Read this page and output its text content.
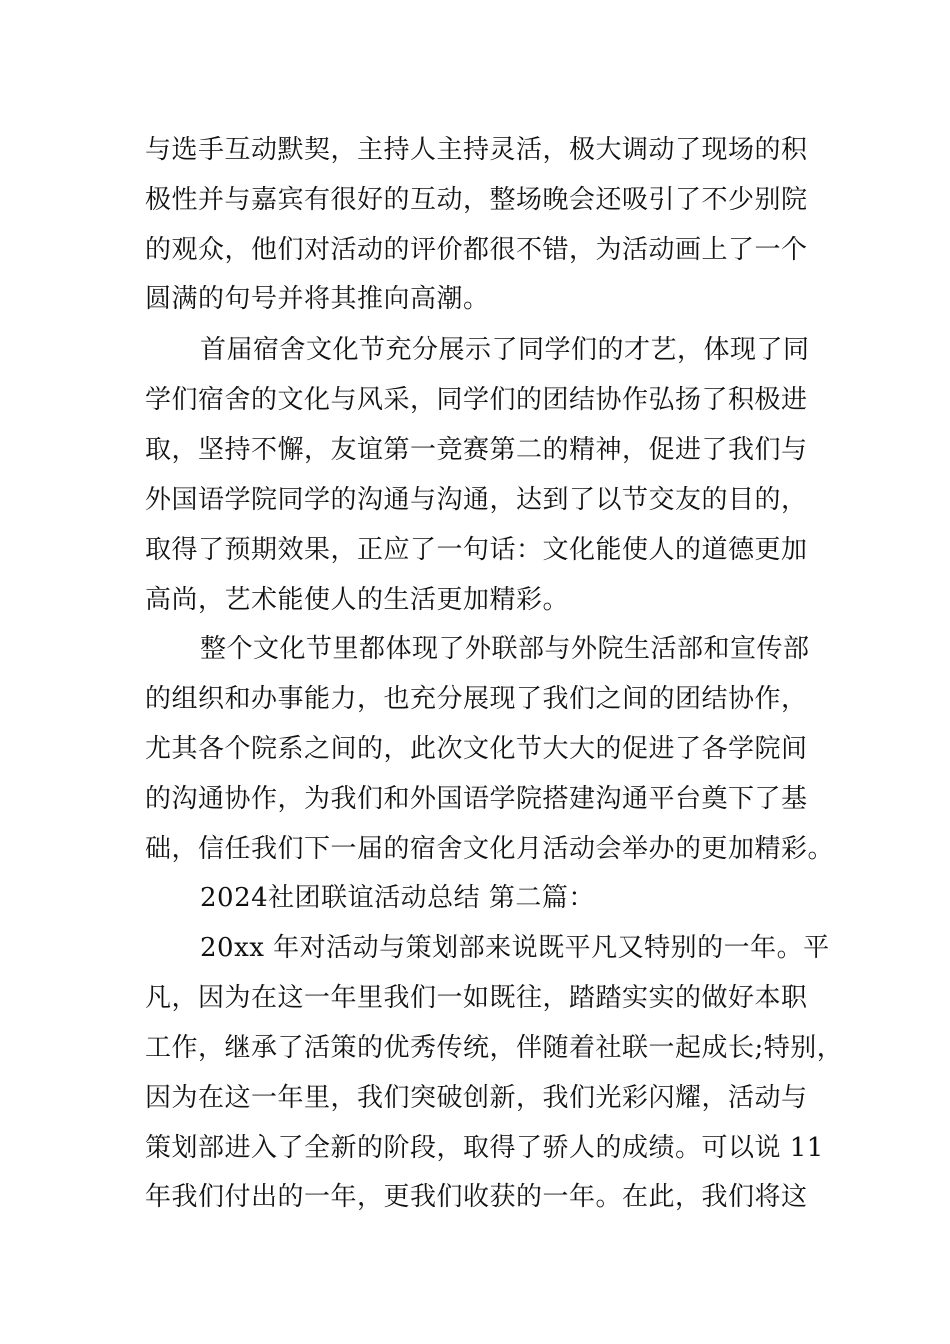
与选手互动默契，主持人主持灵活，极大调动了现场的积
极性并与嘉宾有很好的互动，整场晚会还吸引了不少别院
的观众，他们对活动的评价都很不错，为活动画上了一个
圆满的句号并将其推向高潮。
首届宿舍文化节充分展示了同学们的才艺，体现了同
学们宿舍的文化与风采，同学们的团结协作弘扬了积极进
取，坚持不懈，友谊第一竞赛第二的精神，促进了我们与
外国语学院同学的沟通与沟通，达到了以节交友的目的，
取得了预期效果，正应了一句话：文化能使人的道德更加
高尚，艺术能使人的生活更加精彩。
整个文化节里都体现了外联部与外院生活部和宣传部
的组织和办事能力，也充分展现了我们之间的团结协作，
尤其各个院系之间的，此次文化节大大的促进了各学院间
的沟通协作，为我们和外国语学院搭建沟通平台奠下了基
础，信任我们下一届的宿舍文化月活动会举办的更加精彩。
2024社团联谊活动总结 第二篇：
20xx 年对活动与策划部来说既平凡又特别的一年。平
凡，因为在这一年里我们一如既往，踏踏实实的做好本职
工作，继承了活策的优秀传统，伴随着社联一起成长;特别，
因为在这一年里，我们突破创新，我们光彩闪耀，活动与
策划部进入了全新的阶段，取得了骄人的成绩。可以说 11
年我们付出的一年，更我们收获的一年。在此，我们将这
